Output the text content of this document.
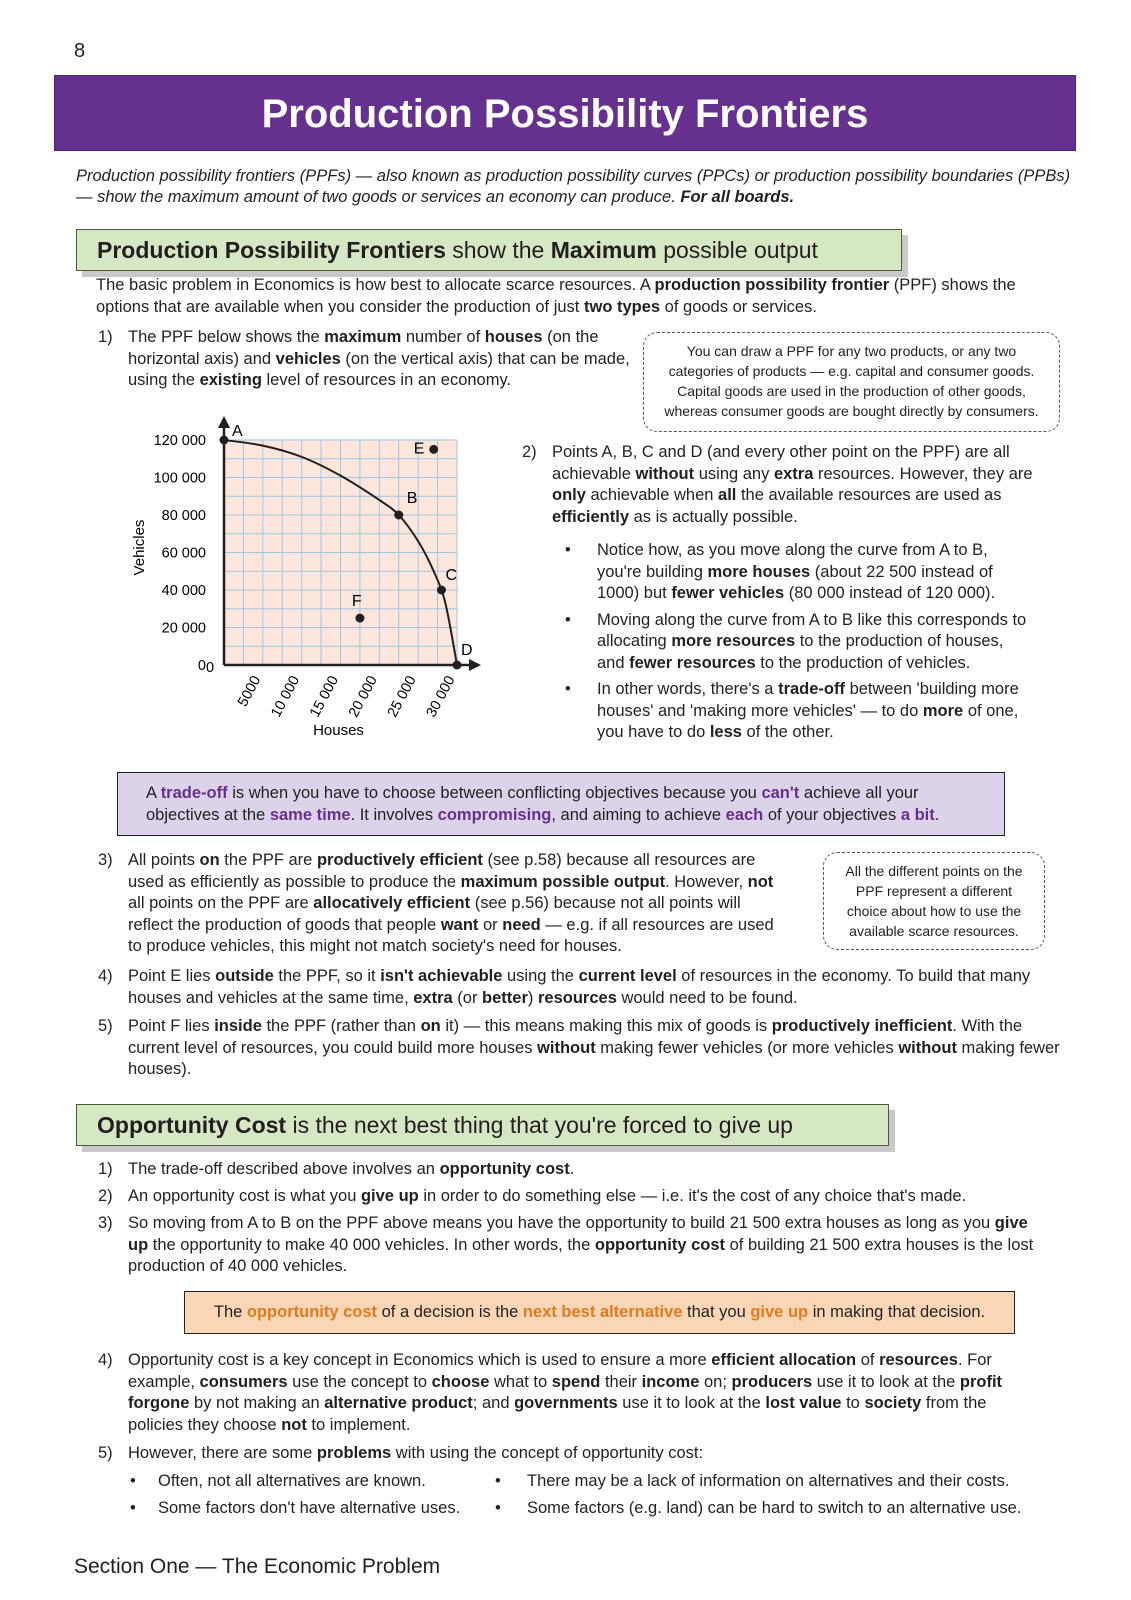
8
Production Possibility Frontiers
Production possibility frontiers (PPFs) — also known as production possibility curves (PPCs) or production possibility boundaries (PPBs) — show the maximum amount of two goods or services an economy can produce. For all boards.
Production Possibility Frontiers show the Maximum possible output
The basic problem in Economics is how best to allocate scarce resources. A production possibility frontier (PPF) shows the options that are available when you consider the production of just two types of goods or services.
1) The PPF below shows the maximum number of houses (on the horizontal axis) and vehicles (on the vertical axis) that can be made, using the existing level of resources in an economy.
You can draw a PPF for any two products, or any two categories of products — e.g. capital and consumer goods. Capital goods are used in the production of other goods, whereas consumer goods are bought directly by consumers.
A
B
C
D
E
F
0
20 000
40 000
60 000
80 000
100 000
120 000
0
5000 10 000 15 000 20 000 25 000 30 000
Houses
Vehicles
2) Points A, B, C and D (and every other point on the PPF) are all achievable without using any extra resources. However, they are only achievable when all the available resources are used as efficiently as is actually possible.
•	Notice how, as you move along the curve from A to B, you're building more houses (about 22 500 instead of 1000) but fewer vehicles (80 000 instead of 120 000).
•	Moving along the curve from A to B like this corresponds to allocating more resources to the production of houses, and fewer resources to the production of vehicles.
•	In other words, there's a trade-off between 'building more houses' and 'making more vehicles' — to do more of one, you have to do less of the other.
A trade-off is when you have to choose between conflicting objectives because you can't achieve all your objectives at the same time. It involves compromising, and aiming to achieve each of your objectives a bit.
3) All points on the PPF are productively efficient (see p.58) because all resources are used as efficiently as possible to produce the maximum possible output. However, not all points on the PPF are allocatively efficient (see p.56) because not all points will reflect the production of goods that people want or need — e.g. if all resources are used to produce vehicles, this might not match society's need for houses.
All the different points on the PPF represent a different choice about how to use the available scarce resources.
4) Point E lies outside the PPF, so it isn't achievable using the current level of resources in the economy. To build that many houses and vehicles at the same time, extra (or better) resources would need to be found.
5) Point F lies inside the PPF (rather than on it) — this means making this mix of goods is productively inefficient. With the current level of resources, you could build more houses without making fewer vehicles (or more vehicles without making fewer houses).
Opportunity Cost is the next best thing that you're forced to give up
1) The trade-off described above involves an opportunity cost.
2) An opportunity cost is what you give up in order to do something else — i.e. it's the cost of any choice that's made.
3) So moving from A to B on the PPF above means you have the opportunity to build 21 500 extra houses as long as you give up the opportunity to make 40 000 vehicles. In other words, the opportunity cost of building 21 500 extra houses is the lost production of 40 000 vehicles.
The opportunity cost of a decision is the next best alternative that you give up in making that decision.
4) Opportunity cost is a key concept in Economics which is used to ensure a more efficient allocation of resources. For example, consumers use the concept to choose what to spend their income on; producers use it to look at the profit forgone by not making an alternative product; and governments use it to look at the lost value to society from the policies they choose not to implement.
5) However, there are some problems with using the concept of opportunity cost:
•	Often, not all alternatives are known.	•	There may be a lack of information on alternatives and their costs.
•	Some factors don't have alternative uses. •	Some factors (e.g. land) can be hard to switch to an alternative use.
Section One — The Economic Problem
